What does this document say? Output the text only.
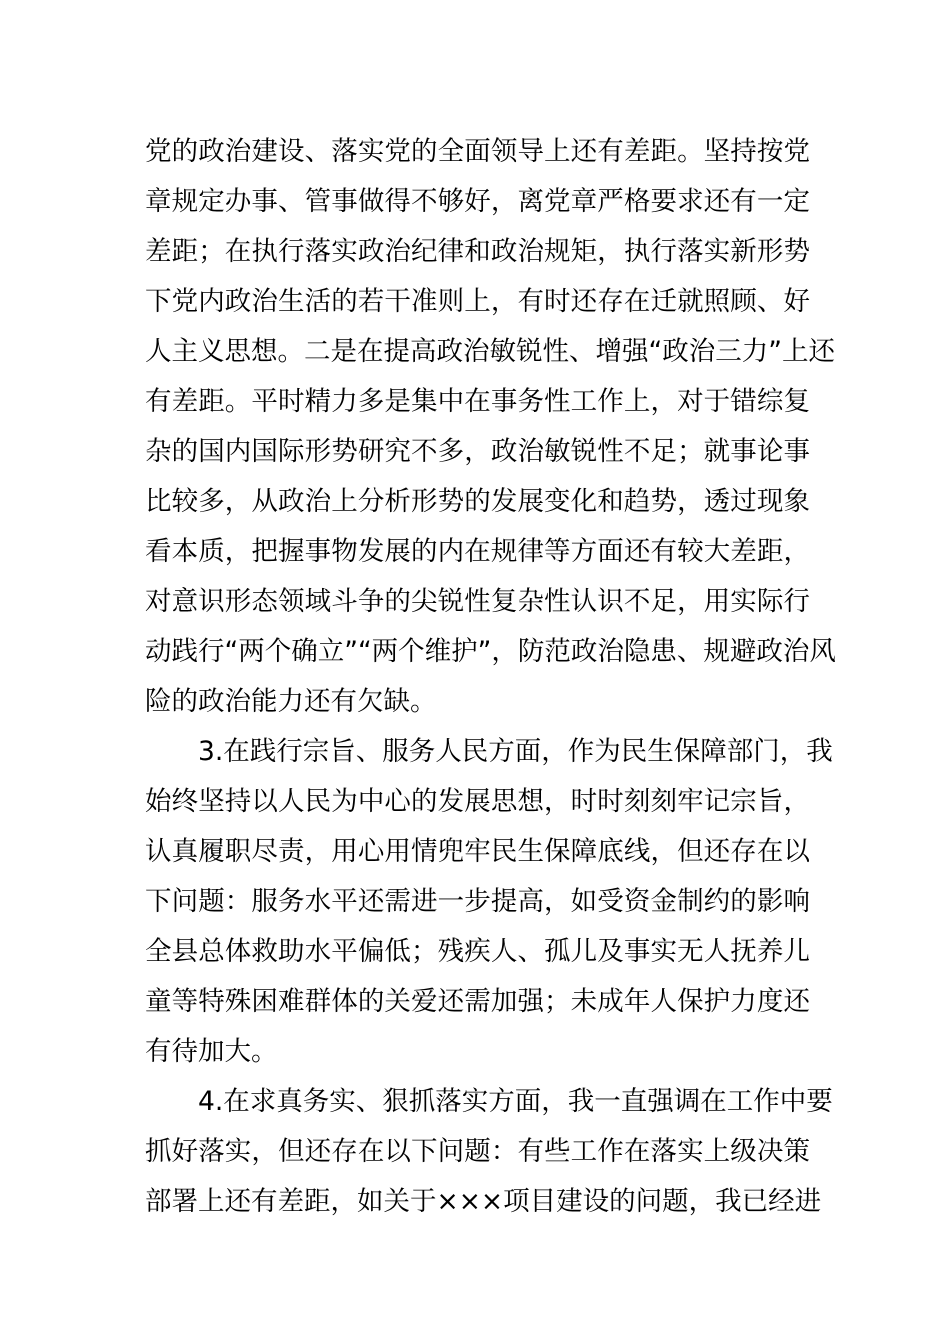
党的政治建设、落实党的全面领导上还有差距。坚持按党
章规定办事、管事做得不够好，离党章严格要求还有一定
差距；在执行落实政治纪律和政治规矩，执行落实新形势
下党内政治生活的若干准则上，有时还存在迁就照顾、好
人主义思想。二是在提高政治敏锐性、增强“政治三力”上还
有差距。平时精力多是集中在事务性工作上，对于错综复
杂的国内国际形势研究不多，政治敏锐性不足；就事论事
比较多，从政治上分析形势的发展变化和趋势，透过现象
看本质，把握事物发展的内在规律等方面还有较大差距，
对意识形态领域斗争的尖锐性复杂性认识不足，用实际行
动践行“两个确立”“两个维护”，防范政治隐患、规避政治风
险的政治能力还有欠缺。
　　3.在践行宗旨、服务人民方面，作为民生保障部门，我
始终坚持以人民为中心的发展思想，时时刻刻牢记宗旨，
认真履职尽责，用心用情兜牢民生保障底线，但还存在以
下问题：服务水平还需进一步提高，如受资金制约的影响
全县总体救助水平偏低；残疾人、孤儿及事实无人抚养儿
童等特殊困难群体的关爱还需加强；未成年人保护力度还
有待加大。
　　4.在求真务实、狠抓落实方面，我一直强调在工作中要
抓好落实，但还存在以下问题：有些工作在落实上级决策
部署上还有差距，如关于×××项目建设的问题，我已经进
